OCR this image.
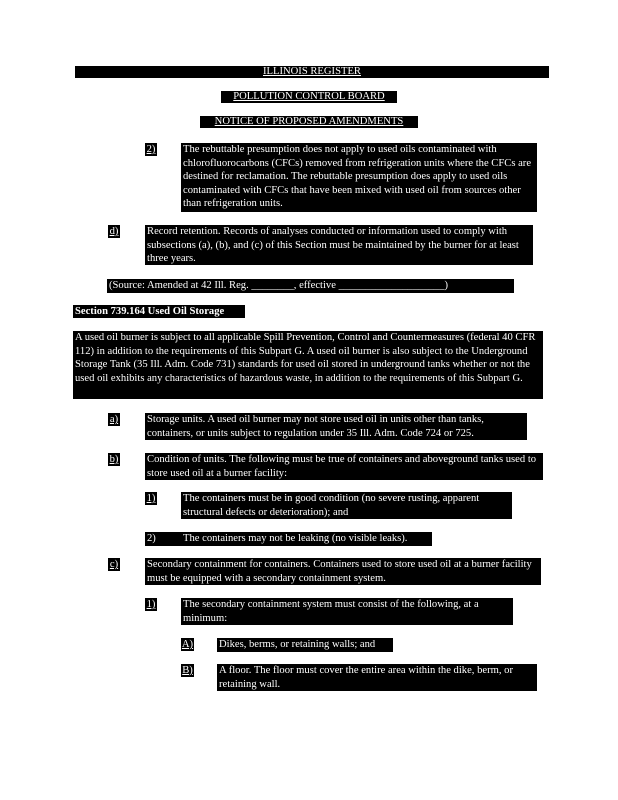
ILLINOIS REGISTER
POLLUTION CONTROL BOARD
NOTICE OF PROPOSED AMENDMENTS
2)	The rebuttable presumption does not apply to used oils contaminated with chlorofluorocarbons (CFCs) removed from refrigeration units where the CFCs are destined for reclamation. The rebuttable presumption does apply to used oils contaminated with CFCs that have been mixed with used oil from sources other than refrigeration units.
d)	Record retention. Records of analyses conducted or information used to comply with subsections (a), (b), and (c) of this Section must be maintained by the burner for at least three years.
(Source: Amended at 42 Ill. Reg. ________, effective ____________________)
Section 739.164 Used Oil Storage
A used oil burner is subject to all applicable Spill Prevention, Control and Countermeasures (federal 40 CFR 112) in addition to the requirements of this Subpart G. A used oil burner is also subject to the Underground Storage Tank (35 Ill. Adm. Code 731) standards for used oil stored in underground tanks whether or not the used oil exhibits any characteristics of hazardous waste, in addition to the requirements of this Subpart G.
a)	Storage units. A used oil burner may not store used oil in units other than tanks, containers, or units subject to regulation under 35 Ill. Adm. Code 724 or 725.
b)	Condition of units. The following must be true of containers and aboveground tanks used to store used oil at a burner facility:
1)	The containers must be in good condition (no severe rusting, apparent structural defects or deterioration); and
2)	The containers may not be leaking (no visible leaks).
c)	Secondary containment for containers. Containers used to store used oil at a burner facility must be equipped with a secondary containment system.
1)	The secondary containment system must consist of the following, at a minimum:
A) Dikes, berms, or retaining walls; and
B) A floor. The floor must cover the entire area within the dike, berm, or retaining wall.
